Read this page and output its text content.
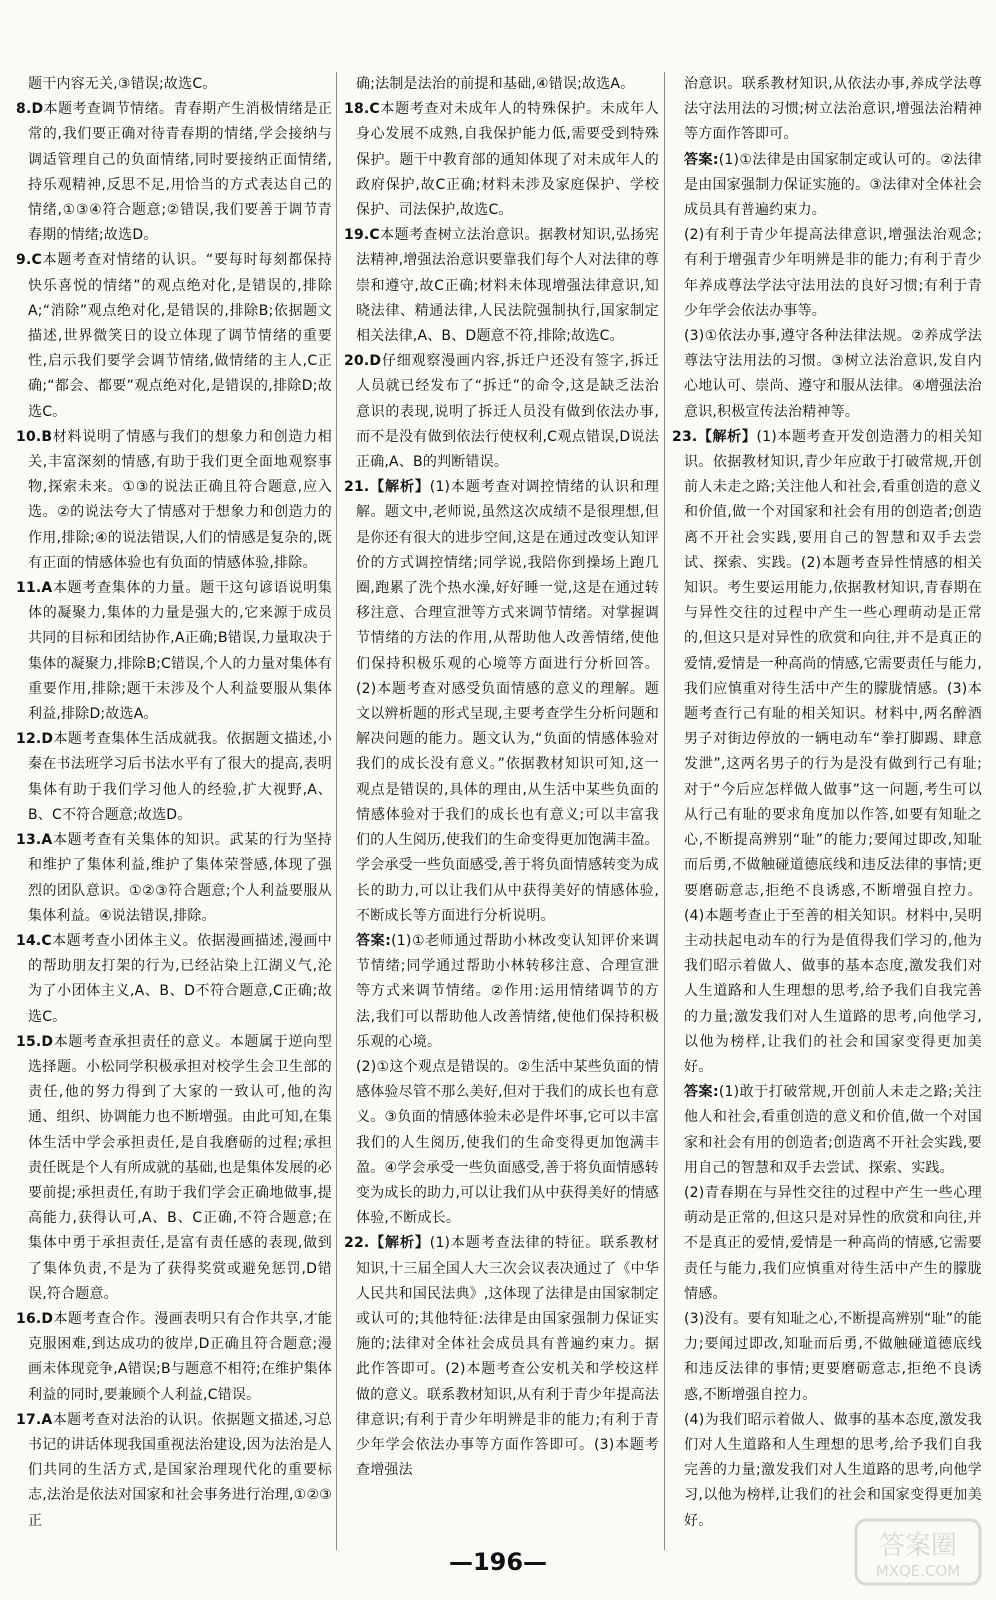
题干内容无关,③错误;故选C。

8.D本题考查调节情绪。青春期产生消极情绪是正常的,我们要正确对待青春期的情绪,学会接纳与调适管理自己的负面情绪,同时要接纳正面情绪,持乐观精神,反思不足,用恰当的方式表达自己的情绪,①③④符合题意;②错误,我们要善于调节青春期的情绪;故选D。

9.C本题考查对情绪的认识。“要每时每刻都保持快乐喜悦的情绪”的观点绝对化,是错误的,排除A;“消除”观点绝对化,是错误的,排除B;依据题文描述,世界微笑日的设立体现了调节情绪的重要性,启示我们要学会调节情绪,做情绪的主人,C正确;“都会、都要”观点绝对化,是错误的,排除D;故选C。

10.B材料说明了情感与我们的想象力和创造力相关,丰富深刻的情感,有助于我们更全面地观察事物,探索未来。①③的说法正确且符合题意,应入选。②的说法夸大了情感对于想象力和创造力的作用,排除;④的说法错误,人们的情感是复杂的,既有正面的情感体验也有负面的情感体验,排除。

11.A本题考查集体的力量。题干这句谚语说明集体的凝聚力,集体的力量是强大的,它来源于成员共同的目标和团结协作,A正确;B错误,力量取决于集体的凝聚力,排除B;C错误,个人的力量对集体有重要作用,排除;题干未涉及个人利益要服从集体利益,排除D;故选A。

12.D本题考查集体生活成就我。依据题文描述,小秦在书法班学习后书法水平有了很大的提高,表明集体有助于我们学习他人的经验,扩大视野,A、B、C不符合题意;故选D。

13.A本题考查有关集体的知识。武某的行为坚持和维护了集体利益,维护了集体荣誉感,体现了强烈的团队意识。①②③符合题意;个人利益要服从集体利益。④说法错误,排除。

14.C本题考查小团体主义。依据漫画描述,漫画中的帮助朋友打架的行为,已经沾染上江湖义气,沦为了小团体主义,A、B、D不符合题意,C正确;故选C。

15.D本题考查承担责任的意义。本题属于逆向型选择题。小松同学积极承担对校学生会卫生部的责任,他的努力得到了大家的一致认可,他的沟通、组织、协调能力也不断增强。由此可知,在集体生活中学会承担责任,是自我磨砺的过程;承担责任既是个人有所成就的基础,也是集体发展的必要前提;承担责任,有助于我们学会正确地做事,提高能力,获得认可,A、B、C正确,不符合题意;在集体中勇于承担责任,是富有责任感的表现,做到了集体负责,不是为了获得奖赏或避免惩罚,D错误,符合题意。

16.D本题考查合作。漫画表明只有合作共享,才能克服困难,到达成功的彼岸,D正确且符合题意;漫画未体现竞争,A错误;B与题意不相符;在维护集体利益的同时,要兼顾个人利益,C错误。

17.A本题考查对法治的认识。依据题文描述,习总书记的讲话体现我国重视法治建设,因为法治是人们共同的生活方式,是国家治理现代化的重要标志,法治是依法对国家和社会事务进行治理,①②③正

确;法制是法治的前提和基础,④错误;故选A。

18.C本题考查对未成年人的特殊保护。未成年人身心发展不成熟,自我保护能力低,需要受到特殊保护。题干中教育部的通知体现了对未成年人的政府保护,故C正确;材料未涉及家庭保护、学校保护、司法保护,故选C。

19.C本题考查树立法治意识。据教材知识,弘扬宪法精神,增强法治意识要靠我们每个人对法律的尊崇和遵守,故C正确;材料未体现增强法律意识,知晓法律、精通法律,人民法院强制执行,国家制定相关法律,A、B、D题意不符,排除;故选C。

20.D仔细观察漫画内容,拆迁户还没有签字,拆迁人员就已经发布了“拆迁”的命令,这是缺乏法治意识的表现,说明了拆迁人员没有做到依法办事,而不是没有做到依法行使权利,C观点错误,D说法正确,A、B的判断错误。

21.【解析】(1)本题考查对调控情绪的认识和理解。题文中,老师说,虽然这次成绩不是很理想,但是你还有很大的进步空间,这是在通过改变认知评价的方式调控情绪;同学说,我陪你到操场上跑几圈,跑累了洗个热水澡,好好睡一觉,这是在通过转移注意、合理宣泄等方式来调节情绪。对掌握调节情绪的方法的作用,从帮助他人改善情绪,使他们保持积极乐观的心境等方面进行分析回答。(2)本题考查对感受负面情感的意义的理解。题文以辨析题的形式呈现,主要考查学生分析问题和解决问题的能力。题文认为,“负面的情感体验对我们的成长没有意义。”依据教材知识可知,这一观点是错误的,具体的理由,从生活中某些负面的情感体验对于我们的成长也有意义;可以丰富我们的人生阅历,使我们的生命变得更加饱满丰盈。学会承受一些负面感受,善于将负面情感转变为成长的助力,可以让我们从中获得美好的情感体验,不断成长等方面进行分析说明。

答案:(1)①老师通过帮助小林改变认知评价来调节情绪;同学通过帮助小林转移注意、合理宣泄等方式来调节情绪。②作用:运用情绪调节的方法,我们可以帮助他人改善情绪,使他们保持积极乐观的心境。

(2)①这个观点是错误的。②生活中某些负面的情感体验尽管不那么美好,但对于我们的成长也有意义。③负面的情感体验未必是件坏事,它可以丰富我们的人生阅历,使我们的生命变得更加饱满丰盈。④学会承受一些负面感受,善于将负面情感转变为成长的助力,可以让我们从中获得美好的情感体验,不断成长。

22.【解析】(1)本题考查法律的特征。联系教材知识,十三届全国人大三次会议表决通过了《中华人民共和国民法典》,这体现了法律是由国家制定或认可的;其他特征:法律是由国家强制力保证实施的;法律对全体社会成员具有普遍约束力。据此作答即可。(2)本题考查公安机关和学校这样做的意义。联系教材知识,从有利于青少年提高法律意识;有利于青少年明辨是非的能力;有利于青少年学会依法办事等方面作答即可。(3)本题考查增强法

治意识。联系教材知识,从依法办事,养成学法尊法守法用法的习惯;树立法治意识,增强法治精神等方面作答即可。

答案:(1)①法律是由国家制定或认可的。②法律是由国家强制力保证实施的。③法律对全体社会成员具有普遍约束力。

(2)有利于青少年提高法律意识,增强法治观念;有利于增强青少年明辨是非的能力;有利于青少年养成尊法学法守法用法的良好习惯;有利于青少年学会依法办事等。

(3)①依法办事,遵守各种法律法规。②养成学法尊法守法用法的习惯。③树立法治意识,发自内心地认可、崇尚、遵守和服从法律。④增强法治意识,积极宣传法治精神等。

23.【解析】(1)本题考查开发创造潜力的相关知识。依据教材知识,青少年应敢于打破常规,开创前人未走之路;关注他人和社会,看重创造的意义和价值,做一个对国家和社会有用的创造者;创造离不开社会实践,要用自己的智慧和双手去尝试、探索、实践。(2)本题考查异性情感的相关知识。考生要运用能力,依据教材知识,青春期在与异性交往的过程中产生一些心理萌动是正常的,但这只是对异性的欣赏和向往,并不是真正的爱情,爱情是一种高尚的情感,它需要责任与能力,我们应慎重对待生活中产生的朦胧情感。(3)本题考查行己有耻的相关知识。材料中,两名醉酒男子对街边停放的一辆电动车“拳打脚踢、肆意发泄”,这两名男子的行为是没有做到行己有耻;对于“今后应怎样做人做事”这一问题,考生可以从行己有耻的要求角度加以作答,如要有知耻之心,不断提高辨别“耻”的能力;要闻过即改,知耻而后勇,不做触碰道德底线和违反法律的事情;更要磨砺意志,拒绝不良诱惑,不断增强自控力。(4)本题考查止于至善的相关知识。材料中,吴明主动扶起电动车的行为是值得我们学习的,他为我们昭示着做人、做事的基本态度,激发我们对人生道路和人生理想的思考,给予我们自我完善的力量;激发我们对人生道路的思考,向他学习,以他为榜样,让我们的社会和国家变得更加美好。

答案:(1)敢于打破常规,开创前人未走之路;关注他人和社会,看重创造的意义和价值,做一个对国家和社会有用的创造者;创造离不开社会实践,要用自己的智慧和双手去尝试、探索、实践。

(2)青春期在与异性交往的过程中产生一些心理萌动是正常的,但这只是对异性的欣赏和向往,并不是真正的爱情,爱情是一种高尚的情感,它需要责任与能力,我们应慎重对待生活中产生的朦胧情感。

(3)没有。要有知耻之心,不断提高辨别“耻”的能力;要闻过即改,知耻而后勇,不做触碰道德底线和违反法律的事情;更要磨砺意志,拒绝不良诱惑,不断增强自控力。

(4)为我们昭示着做人、做事的基本态度,激发我们对人生道路和人生理想的思考,给予我们自我完善的力量;激发我们对人生道路的思考,向他学习,以他为榜样,让我们的社会和国家变得更加美好。

—196—
答案圈
MXQE.COM
